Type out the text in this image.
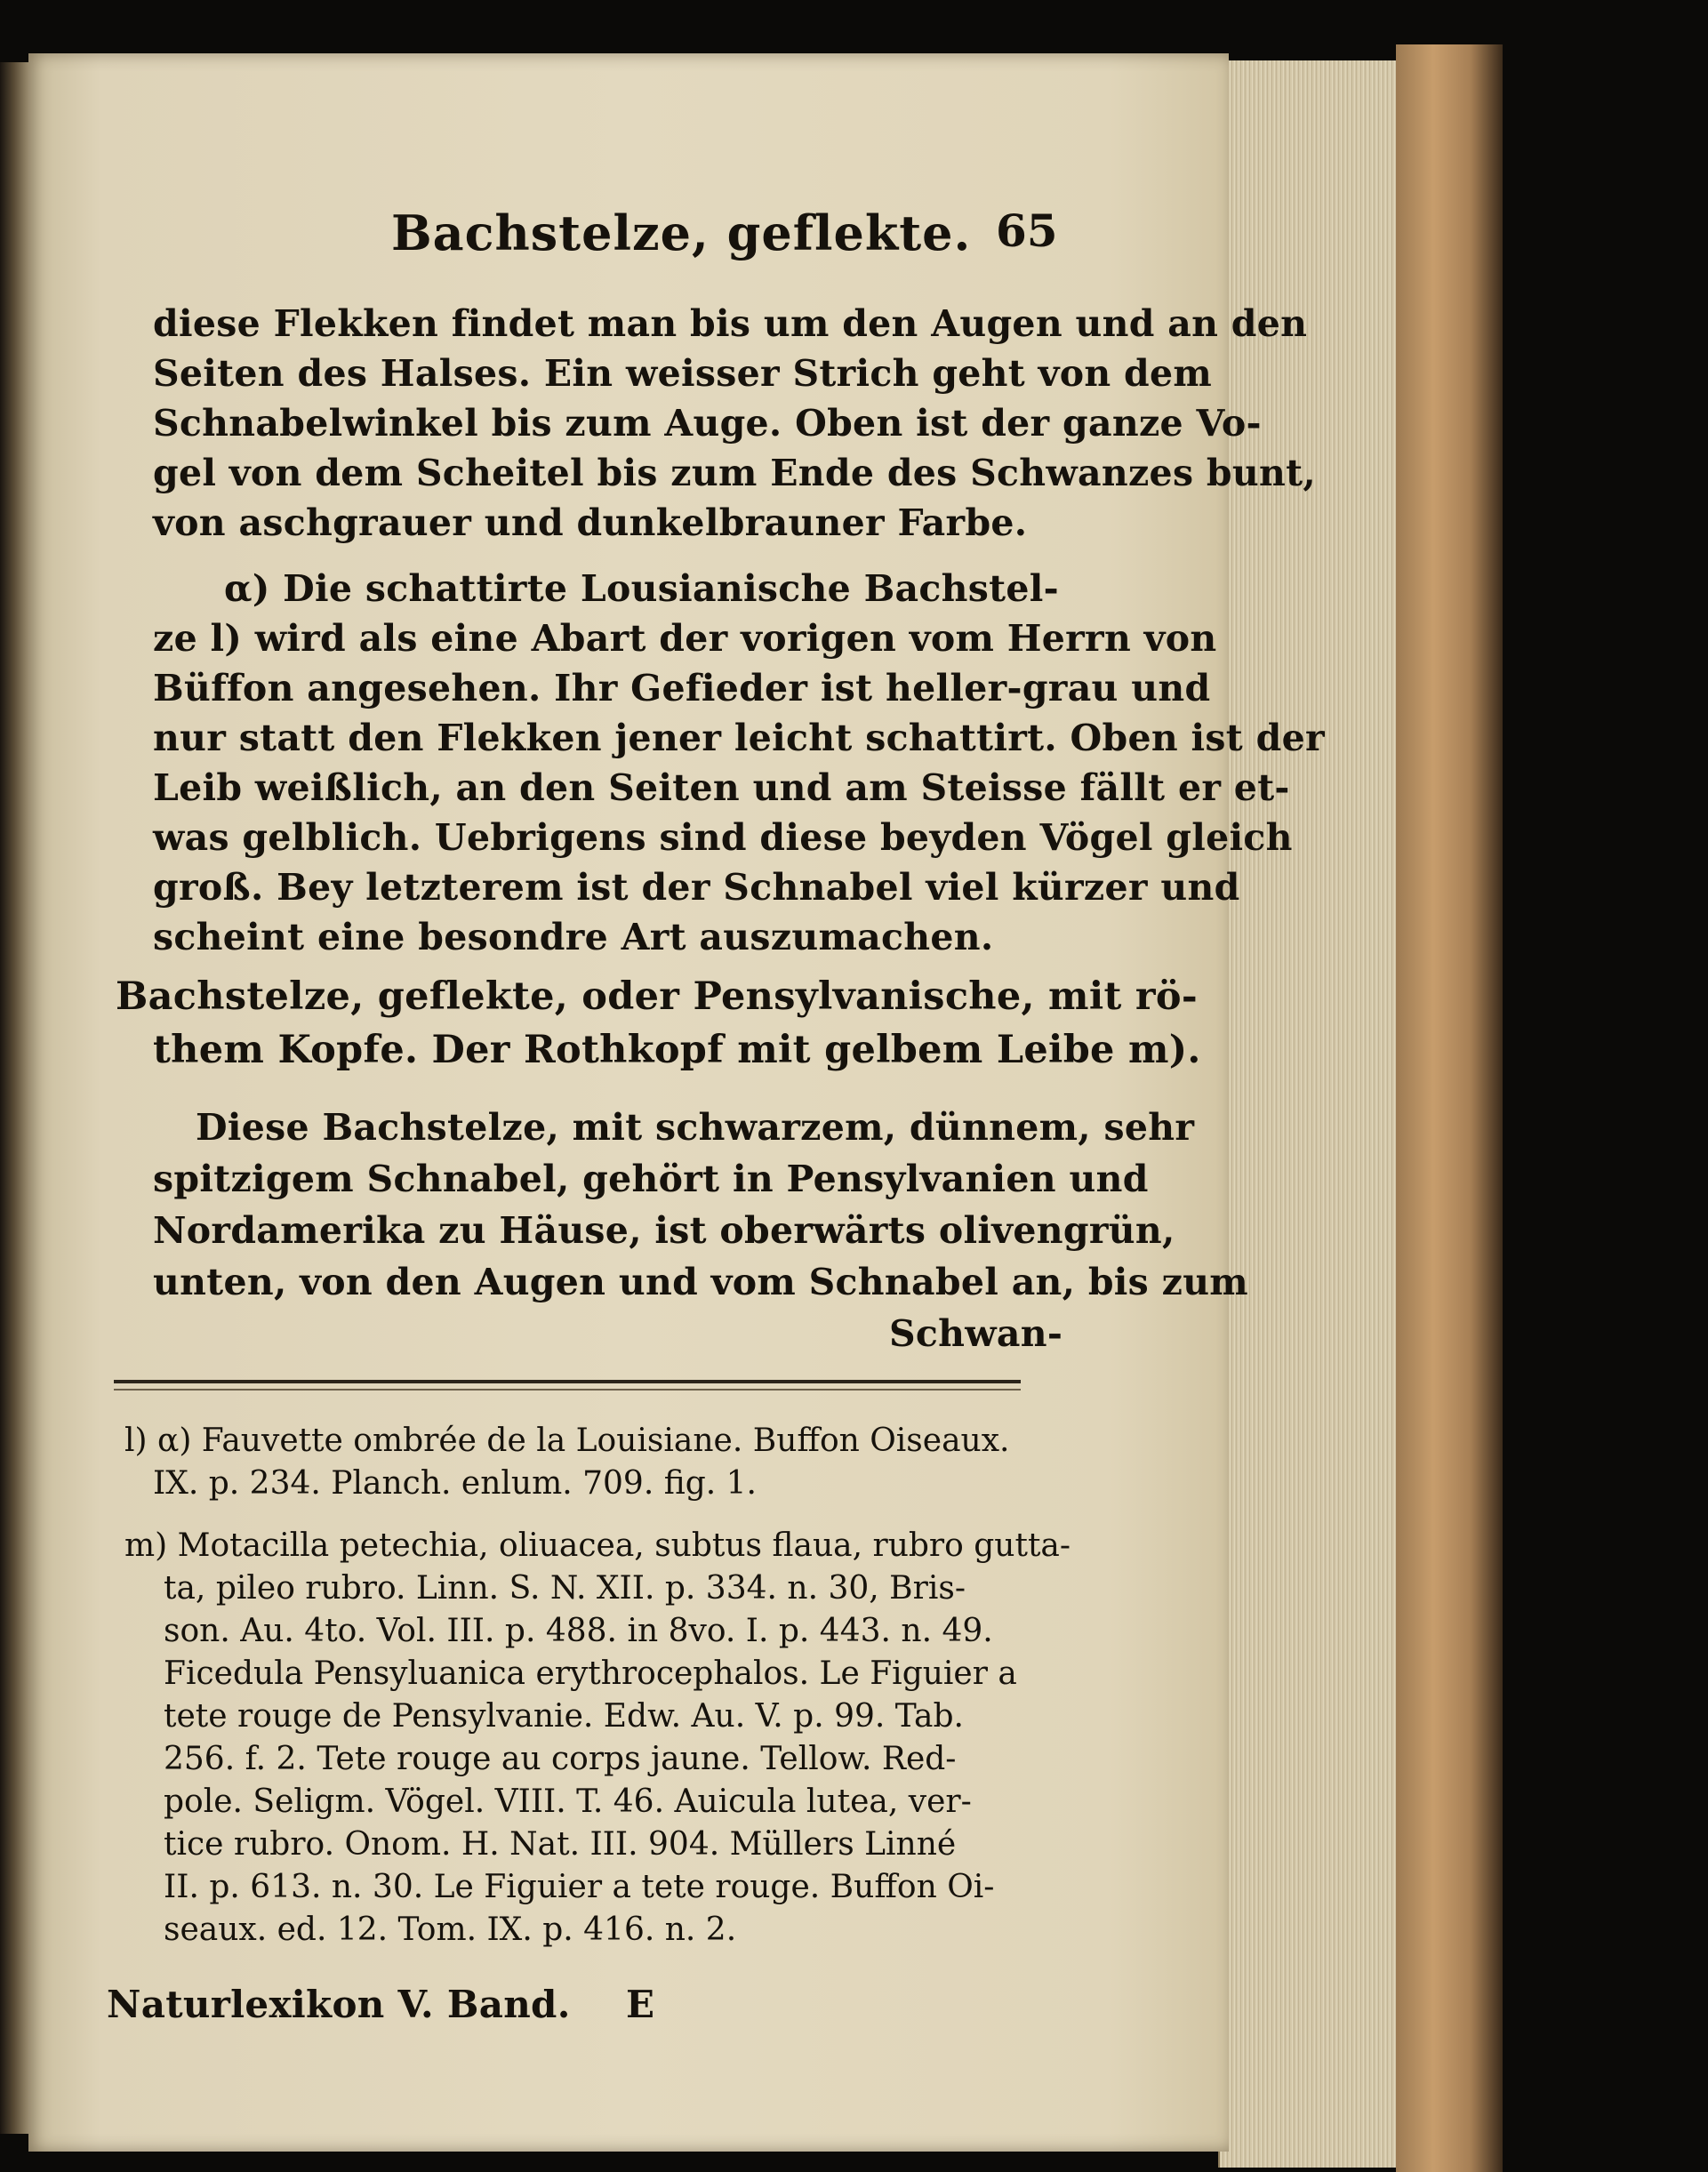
Bachstelze, geflekte. 65
diese Flekken findet man bis um den Augen und an den
Seiten des Halses. Ein weisser Strich geht von dem
Schnabelwinkel bis zum Auge. Oben ist der ganze Vo-
gel von dem Scheitel bis zum Ende des Schwanzes bunt,
von aschgrauer und dunkelbrauner Farbe.
α) Die schattirte Lousianische Bachstel-
ze l) wird als eine Abart der vorigen vom Herrn von
Büffon angesehen. Ihr Gefieder ist heller-grau und
nur statt den Flekken jener leicht schattirt. Oben ist der
Leib weißlich, an den Seiten und am Steisse fällt er et-
was gelblich. Uebrigens sind diese beyden Vögel gleich
groß. Bey letzterem ist der Schnabel viel kürzer und
scheint eine besondre Art auszumachen.
Bachstelze, geflekte, oder Pensylvanische, mit rö-
them Kopfe. Der Rothkopf mit gelbem Leibe m).
Diese Bachstelze, mit schwarzem, dünnem, sehr
spitzigem Schnabel, gehört in Pensylvanien und
Nordamerika zu Häuse, ist oberwärts olivengrün,
unten, von den Augen und vom Schnabel an, bis zum
Schwan-
l) α) Fauvette ombrée de la Louisiane. Buffon Oiseaux.
IX. p. 234. Planch. enlum. 709. fig. 1.
m) Motacilla petechia, oliuacea, subtus flaua, rubro gutta-
ta, pileo rubro. Linn. S. N. XII. p. 334. n. 30, Bris-
son. Au. 4to. Vol. III. p. 488. in 8vo. I. p. 443. n. 49.
Ficedula Pensyluanica erythrocephalos. Le Figuier a
tete rouge de Pensylvanie. Edw. Au. V. p. 99. Tab.
256. f. 2. Tete rouge au corps jaune. Tellow. Red-
pole. Seligm. Vögel. VIII. T. 46. Auicula lutea, ver-
tice rubro. Onom. H. Nat. III. 904. Müllers Linné
II. p. 613. n. 30. Le Figuier a tete rouge. Buffon Oi-
seaux. ed. 12. Tom. IX. p. 416. n. 2.
Naturlexikon V. Band. E
